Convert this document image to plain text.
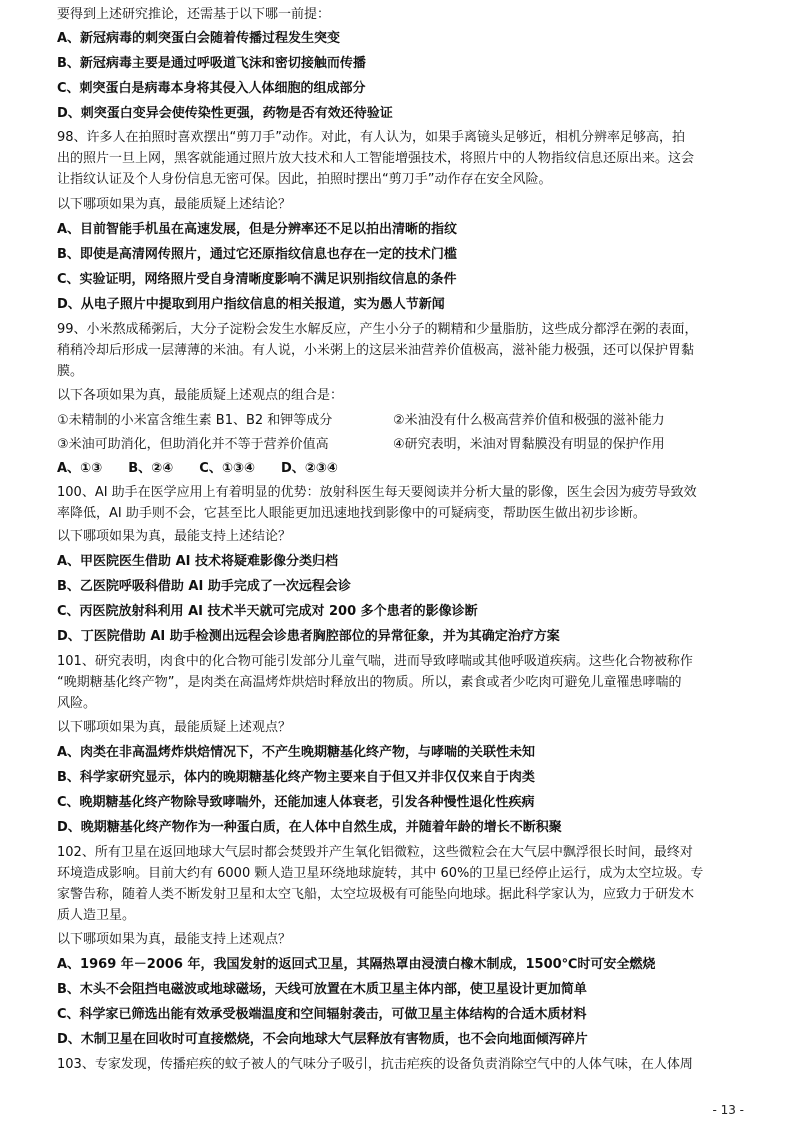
要得到上述研究推论，还需基于以下哪一前提：
A、新冠病毒的刺突蛋白会随着传播过程发生突变
B、新冠病毒主要是通过呼吸道飞沫和密切接触而传播
C、刺突蛋白是病毒本身将其侵入人体细胞的组成部分
D、刺突蛋白变异会使传染性更强，药物是否有效还待验证
98、许多人在拍照时喜欢摆出“剪刀手”动作。对此，有人认为，如果手离镜头足够近，相机分辨率足够高，拍
出的照片一旦上网，黑客就能通过照片放大技术和人工智能增强技术，将照片中的人物指纹信息还原出来。这会
让指纹认证及个人身份信息无密可保。因此，拍照时摆出“剪刀手”动作存在安全风险。
以下哪项如果为真，最能质疑上述结论？
A、目前智能手机虽在高速发展，但是分辨率还不足以拍出清晰的指纹
B、即使是高清网传照片，通过它还原指纹信息也存在一定的技术门槛
C、实验证明，网络照片受自身清晰度影响不满足识别指纹信息的条件
D、从电子照片中提取到用户指纹信息的相关报道，实为愚人节新闻
99、小米熬成稀粥后，大分子淀粉会发生水解反应，产生小分子的糊精和少量脂肪，这些成分都浮在粥的表面，
稍稍冷却后形成一层薄薄的米油。有人说，小米粥上的这层米油营养价值极高，滋补能力极强，还可以保护胃黏
膜。
以下各项如果为真，最能质疑上述观点的组合是：
①未精制的小米富含维生素 B1、B2 和钾等成分	②米油没有什么极高营养价值和极强的滋补能力
③米油可助消化，但助消化并不等于营养价值高	④研究表明，米油对胃黏膜没有明显的保护作用
A、①③ B、②④ C、①③④ D、②③④
100、AI 助手在医学应用上有着明显的优势：放射科医生每天要阅读并分析大量的影像，医生会因为疲劳导致效
率降低，AI 助手则不会，它甚至比人眼能更加迅速地找到影像中的可疑病变，帮助医生做出初步诊断。
以下哪项如果为真，最能支持上述结论？
A、甲医院医生借助 AI 技术将疑难影像分类归档
B、乙医院呼吸科借助 AI 助手完成了一次远程会诊
C、丙医院放射科利用 AI 技术半天就可完成对 200 多个患者的影像诊断
D、丁医院借助 AI 助手检测出远程会诊患者胸腔部位的异常征象，并为其确定治疗方案
101、研究表明，肉食中的化合物可能引发部分儿童气喘，进而导致哮喘或其他呼吸道疾病。这些化合物被称作
“晚期糖基化终产物”，是肉类在高温烤炸烘焙时释放出的物质。所以，素食或者少吃肉可避免儿童罹患哮喘的
风险。
以下哪项如果为真，最能质疑上述观点？
A、肉类在非高温烤炸烘焙情况下，不产生晚期糖基化终产物，与哮喘的关联性未知
B、科学家研究显示，体内的晚期糖基化终产物主要来自于但又并非仅仅来自于肉类
C、晚期糖基化终产物除导致哮喘外，还能加速人体衰老，引发各种慢性退化性疾病
D、晚期糖基化终产物作为一种蛋白质，在人体中自然生成，并随着年龄的增长不断积聚
102、所有卫星在返回地球大气层时都会焚毁并产生氧化铝微粒，这些微粒会在大气层中飘浮很长时间，最终对
环境造成影响。目前大约有 6000 颗人造卫星环绕地球旋转，其中 60%的卫星已经停止运行，成为太空垃圾。专
家警告称，随着人类不断发射卫星和太空飞船，太空垃圾极有可能坠向地球。据此科学家认为，应致力于研发木
质人造卫星。
以下哪项如果为真，最能支持上述观点？
A、1969 年－2006 年，我国发射的返回式卫星，其隔热罩由浸渍白橡木制成，1500℃时可安全燃烧
B、木头不会阻挡电磁波或地球磁场，天线可放置在木质卫星主体内部，使卫星设计更加简单
C、科学家已筛选出能有效承受极端温度和空间辐射袭击，可做卫星主体结构的合适木质材料
D、木制卫星在回收时可直接燃烧，不会向地球大气层释放有害物质，也不会向地面倾泻碎片
103、专家发现，传播疟疾的蚊子被人的气味分子吸引，抗击疟疾的设备负责消除空气中的人体气味，在人体周
- 13 -
